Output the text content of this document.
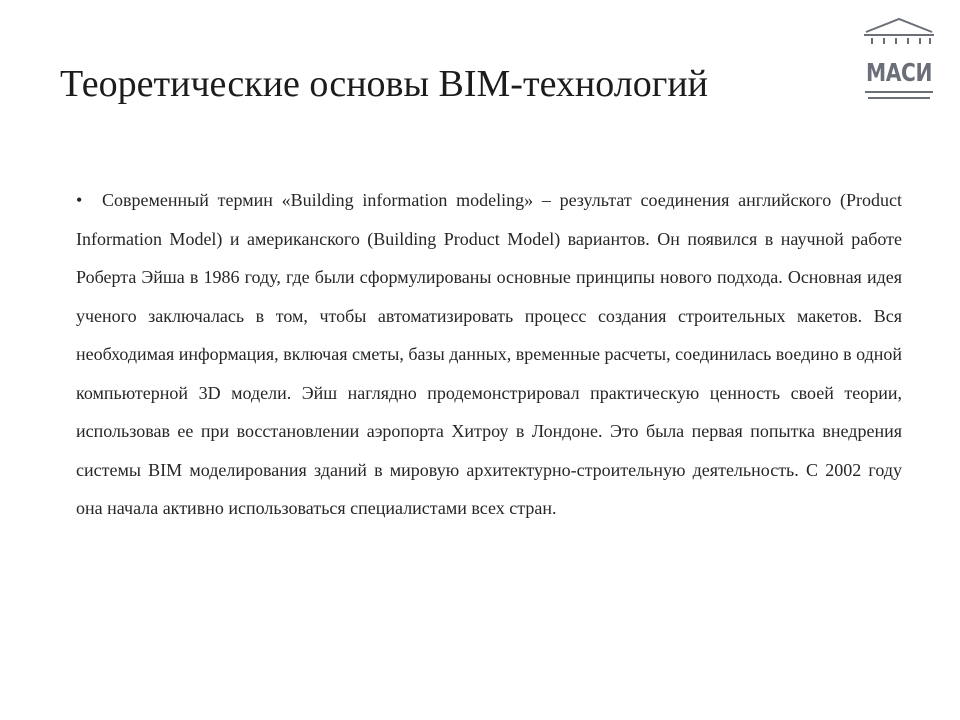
Теоретические основы BIM-технологий	МАСИ

• Современный термин «Building information modeling» – результат соединения английского (Product Information Model) и американского (Building Product Model) вариантов. Он появился в научной работе Роберта Эйша в 1986 году, где были сформулированы основные принципы нового подхода. Основная идея ученого заключалась в том, чтобы автоматизировать процесс создания строительных макетов. Вся необходимая информация, включая сметы, базы данных, временные расчеты, соединилась воедино в одной компьютерной 3D модели. Эйш наглядно продемонстрировал практическую ценность своей теории, использовав ее при восстановлении аэропорта Хитроу в Лондоне. Это была первая попытка внедрения системы BIM моделирования зданий в мировую архитектурно-строительную деятельность. С 2002 году она начала активно использоваться специалистами всех стран.
